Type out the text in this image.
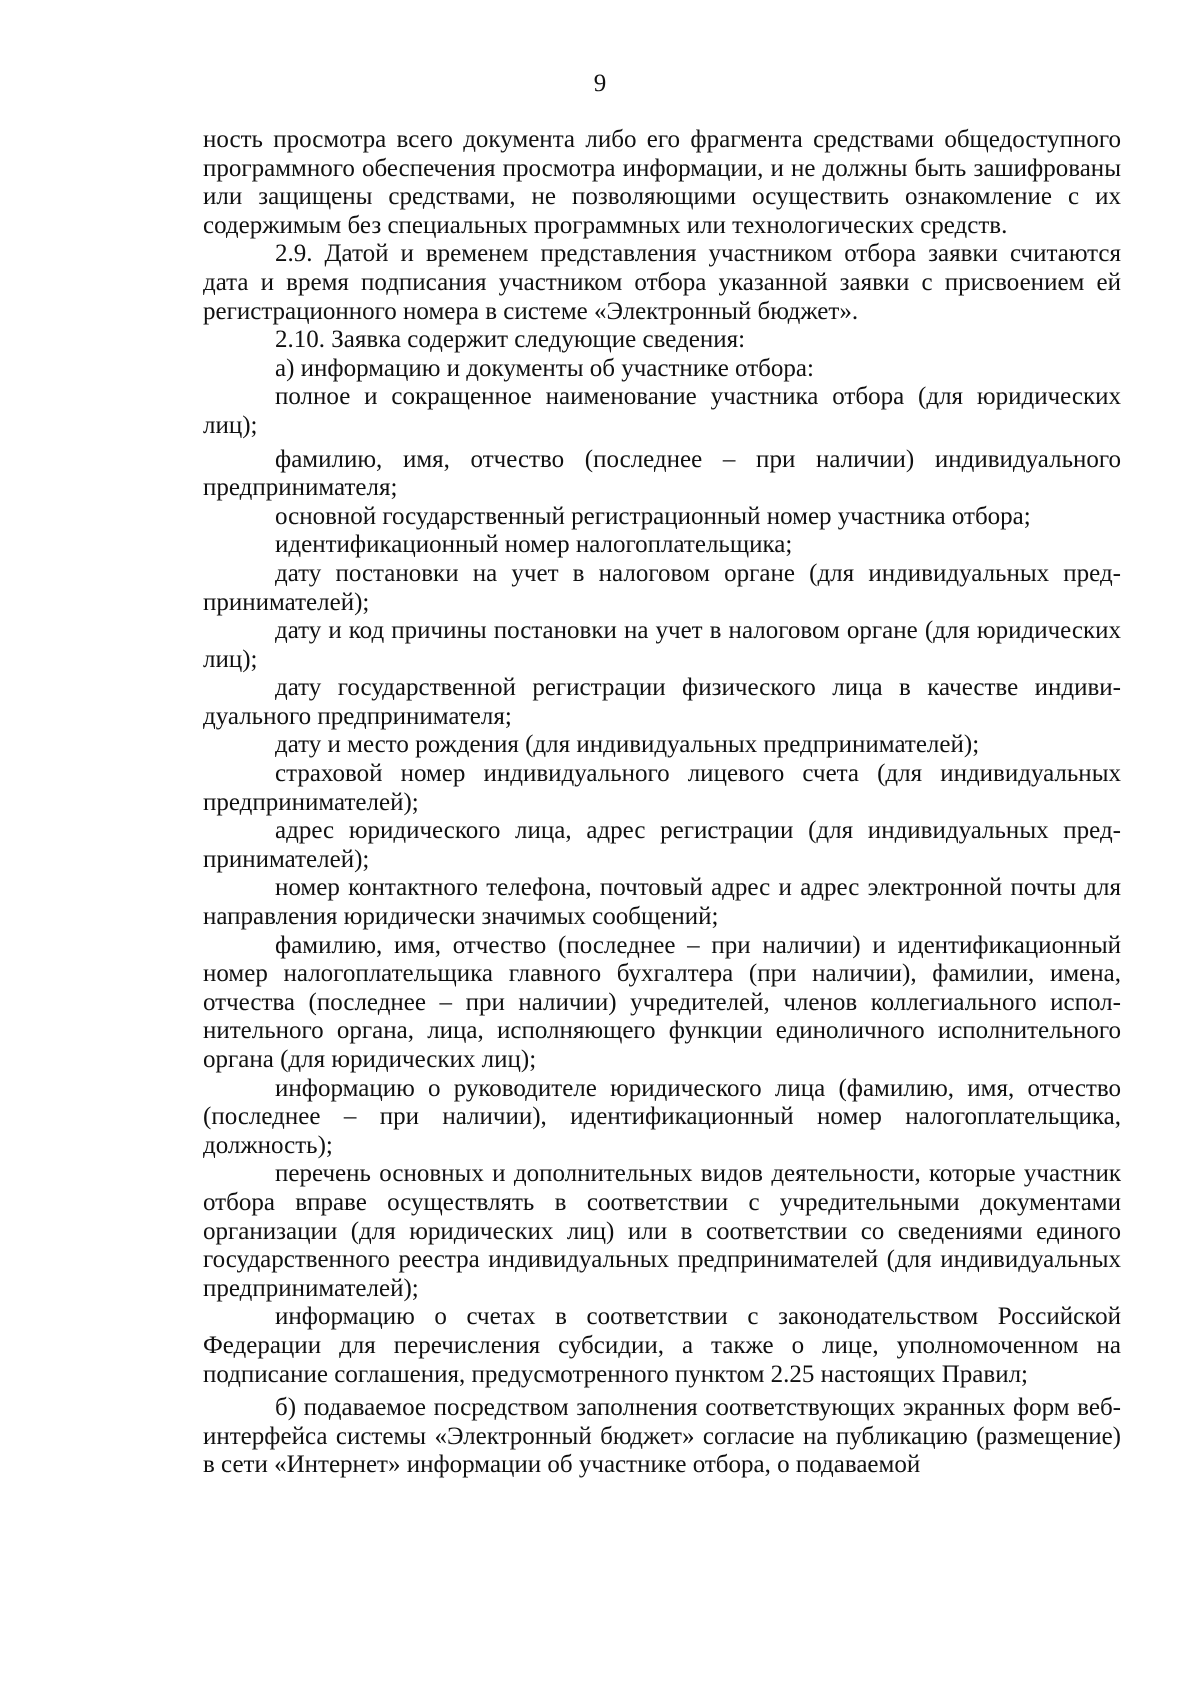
9

ность просмотра всего документа либо его фрагмента средствами общедоступного программного обеспечения просмотра информации, и не должны быть зашифрованы или защищены средствами, не позволяющими осуществить ознакомление с их содержимым без специальных программных или технологических средств.

2.9. Датой и временем представления участником отбора заявки считаются дата и время подписания участником отбора указанной заявки с присвоением ей регистрационного номера в системе «Электронный бюджет».

2.10. Заявка содержит следующие сведения:

а) информацию и документы об участнике отбора:

полное и сокращенное наименование участника отбора (для юридических лиц);

фамилию, имя, отчество (последнее – при наличии) индивидуального предпринимателя;

основной государственный регистрационный номер участника отбора;

идентификационный номер налогоплательщика;

дату постановки на учет в налоговом органе (для индивидуальных предпринимателей);

дату и код причины постановки на учет в налоговом органе (для юридических лиц);

дату государственной регистрации физического лица в качестве индивидуального предпринимателя;

дату и место рождения (для индивидуальных предпринимателей);

страховой номер индивидуального лицевого счета (для индивидуальных предпринимателей);

адрес юридического лица, адрес регистрации (для индивидуальных предпринимателей);

номер контактного телефона, почтовый адрес и адрес электронной почты для направления юридически значимых сообщений;

фамилию, имя, отчество (последнее – при наличии) и идентификационный номер налогоплательщика главного бухгалтера (при наличии), фамилии, имена, отчества (последнее – при наличии) учредителей, членов коллегиального исполнительного органа, лица, исполняющего функции единоличного исполнительного органа (для юридических лиц);

информацию о руководителе юридического лица (фамилию, имя, отчество (последнее – при наличии), идентификационный номер налогоплательщика, должность);

перечень основных и дополнительных видов деятельности, которые участник отбора вправе осуществлять в соответствии с учредительными документами организации (для юридических лиц) или в соответствии со сведениями единого государственного реестра индивидуальных предпринимателей (для индивидуальных предпринимателей);

информацию о счетах в соответствии с законодательством Российской Федерации для перечисления субсидии, а также о лице, уполномоченном на подписание соглашения, предусмотренного пунктом 2.25 настоящих Правил;

б) подаваемое посредством заполнения соответствующих экранных форм веб-интерфейса системы «Электронный бюджет» согласие на публикацию (размещение) в сети «Интернет» информации об участнике отбора, о подаваемой
